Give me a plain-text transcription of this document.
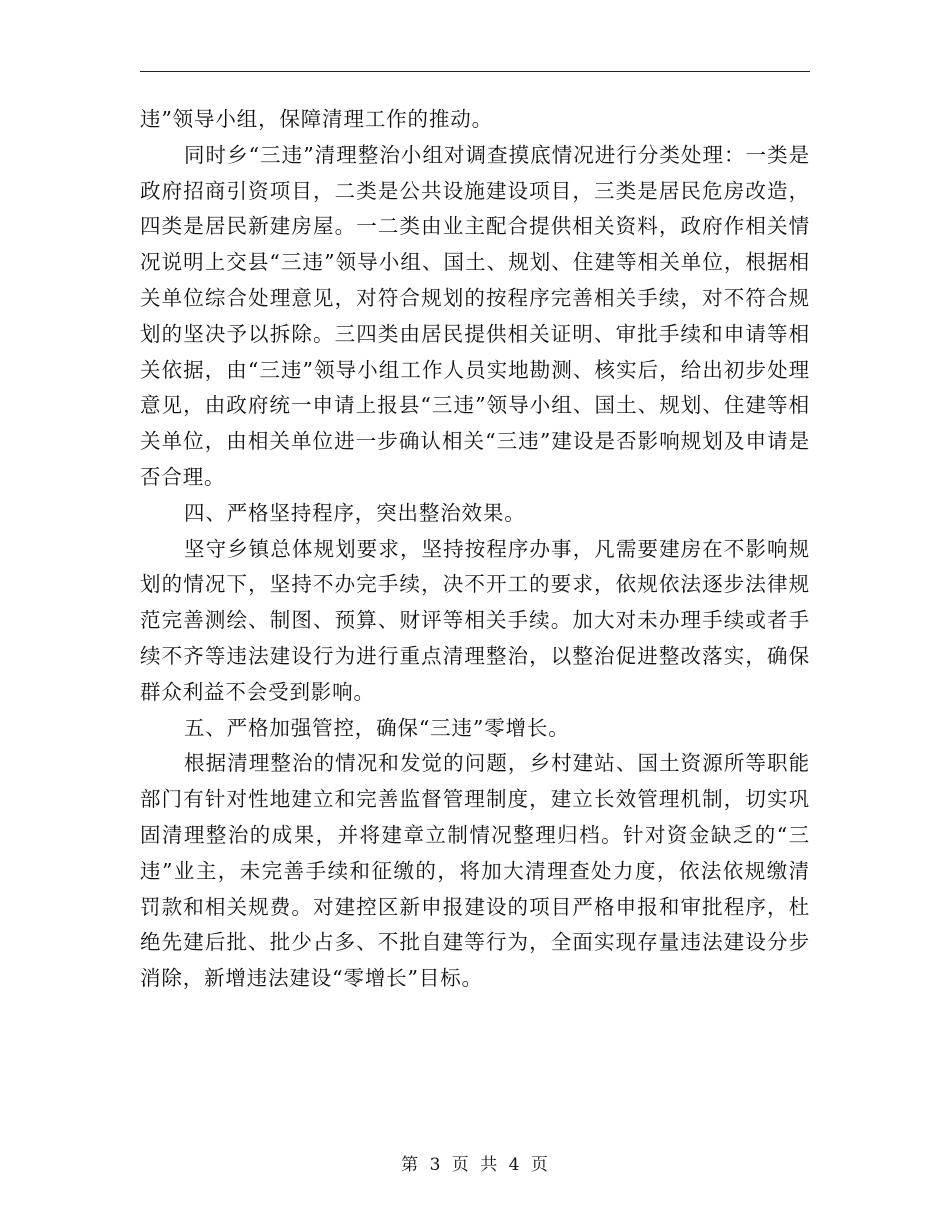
违”领导小组，保障清理工作的推动。

同时乡“三违”清理整治小组对调查摸底情况进行分类处理：一类是政府招商引资项目，二类是公共设施建设项目，三类是居民危房改造，四类是居民新建房屋。一二类由业主配合提供相关资料，政府作相关情况说明上交县“三违”领导小组、国土、规划、住建等相关单位，根据相关单位综合处理意见，对符合规划的按程序完善相关手续，对不符合规划的坚决予以拆除。三四类由居民提供相关证明、审批手续和申请等相关依据，由“三违”领导小组工作人员实地勘测、核实后，给出初步处理意见，由政府统一申请上报县“三违”领导小组、国土、规划、住建等相关单位，由相关单位进一步确认相关“三违”建设是否影响规划及申请是否合理。

四、严格坚持程序，突出整治效果。

坚守乡镇总体规划要求，坚持按程序办事，凡需要建房在不影响规划的情况下，坚持不办完手续，决不开工的要求，依规依法逐步法律规范完善测绘、制图、预算、财评等相关手续。加大对未办理手续或者手续不齐等违法建设行为进行重点清理整治，以整治促进整改落实，确保群众利益不会受到影响。

五、严格加强管控，确保“三违”零增长。

根据清理整治的情况和发觉的问题，乡村建站、国土资源所等职能部门有针对性地建立和完善监督管理制度，建立长效管理机制，切实巩固清理整治的成果，并将建章立制情况整理归档。针对资金缺乏的“三违”业主，未完善手续和征缴的，将加大清理查处力度，依法依规缴清罚款和相关规费。对建控区新申报建设的项目严格申报和审批程序，杜绝先建后批、批少占多、不批自建等行为，全面实现存量违法建设分步消除，新增违法建设“零增长”目标。

第 3 页 共 4 页
